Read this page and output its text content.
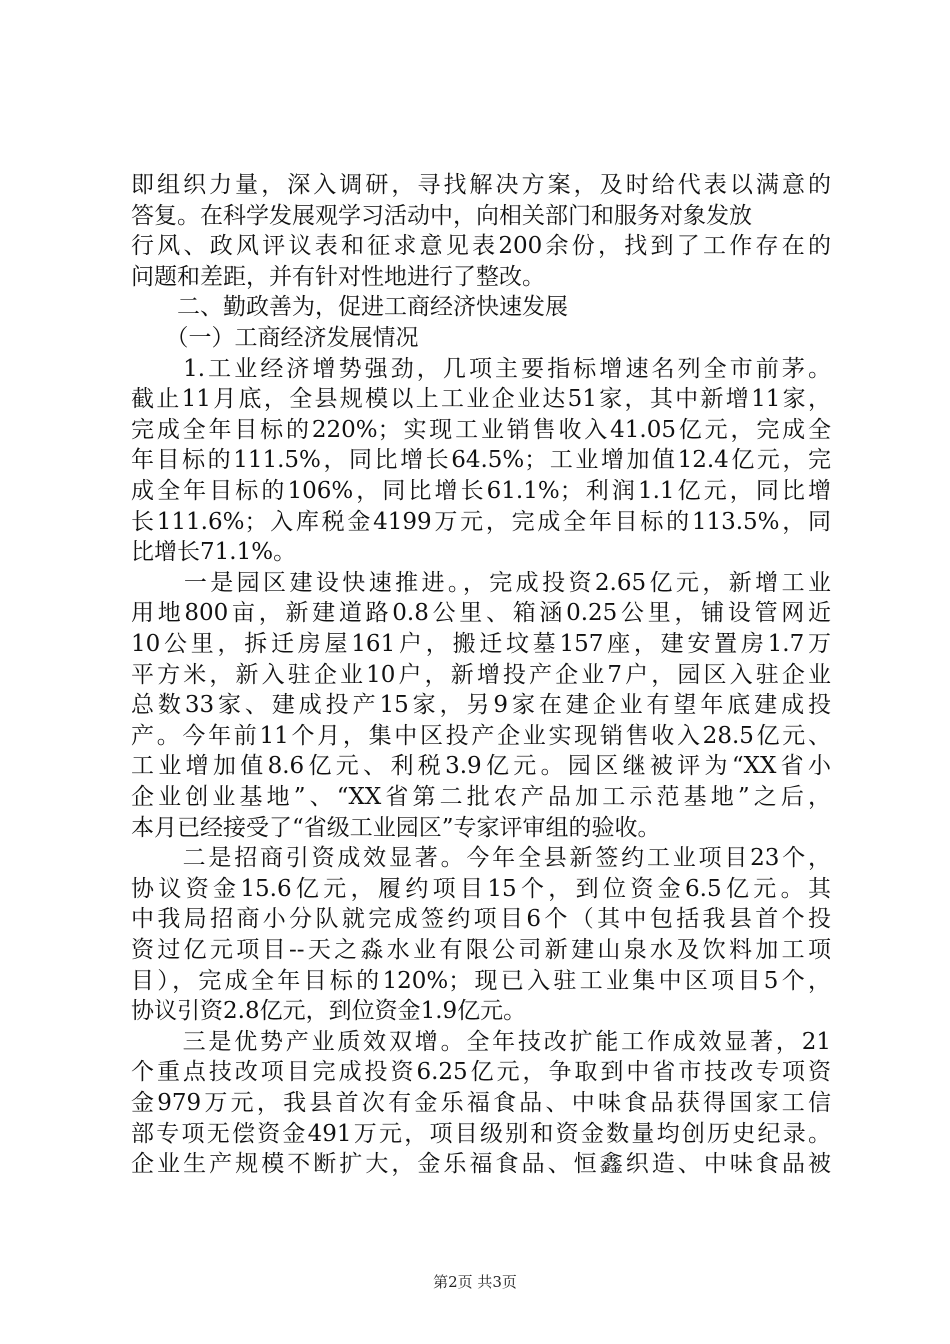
即组织力量，深入调研，寻找解决方案，及时给代表以满意的
答复。在科学发展观学习活动中，向相关部门和服务对象发放
行风、政风评议表和征求意见表200余份，找到了工作存在的
问题和差距，并有针对性地进行了整改。
　　二、勤政善为，促进工商经济快速发展
　　（一）工商经济发展情况
　　1.工业经济增势强劲，几项主要指标增速名列全市前茅。
截止11月底，全县规模以上工业企业达51家，其中新增11家，
完成全年目标的220%；实现工业销售收入41.05亿元，完成全
年目标的111.5%，同比增长64.5%；工业增加值12.4亿元，完
成全年目标的106%，同比增长61.1%；利润1.1亿元，同比增
长111.6%；入库税金4199万元，完成全年目标的113.5%，同
比增长71.1%。
　　一是园区建设快速推进。，完成投资2.65亿元，新增工业
用地800亩，新建道路0.8公里、箱涵0.25公里，铺设管网近
10公里，拆迁房屋161户，搬迁坟墓157座，建安置房1.7万
平方米，新入驻企业10户，新增投产企业7户，园区入驻企业
总数33家、建成投产15家，另9家在建企业有望年底建成投
产。今年前11个月，集中区投产企业实现销售收入28.5亿元、
工业增加值8.6亿元、利税3.9亿元。园区继被评为“XX省小
企业创业基地”、“XX省第二批农产品加工示范基地”之后，
本月已经接受了“省级工业园区”专家评审组的验收。
　　二是招商引资成效显著。今年全县新签约工业项目23个，
协议资金15.6亿元，履约项目15个，到位资金6.5亿元。其
中我局招商小分队就完成签约项目6个（其中包括我县首个投
资过亿元项目--天之淼水业有限公司新建山泉水及饮料加工项
目），完成全年目标的120%；现已入驻工业集中区项目5个，
协议引资2.8亿元，到位资金1.9亿元。
　　三是优势产业质效双增。全年技改扩能工作成效显著，21
个重点技改项目完成投资6.25亿元，争取到中省市技改专项资
金979万元，我县首次有金乐福食品、中味食品获得国家工信
部专项无偿资金491万元，项目级别和资金数量均创历史纪录。
企业生产规模不断扩大，金乐福食品、恒鑫织造、中味食品被
第2页 共3页
